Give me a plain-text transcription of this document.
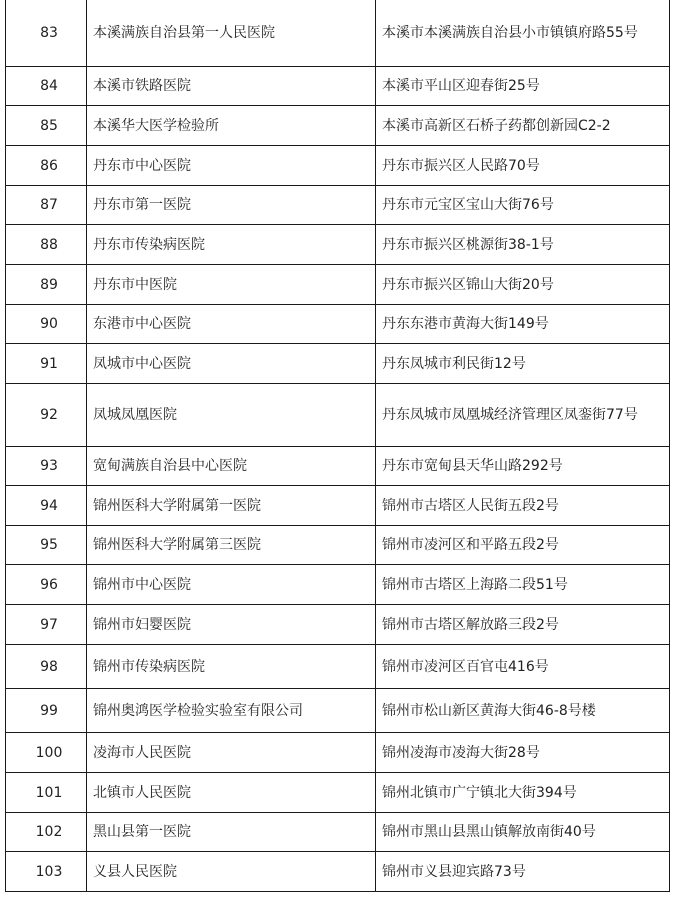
83	本溪满族自治县第一人民医院	本溪市本溪满族自治县小市镇镇府路55号
84	本溪市铁路医院	本溪市平山区迎春街25号
85	本溪华大医学检验所	本溪市高新区石桥子药都创新园C2-2
86	丹东市中心医院	丹东市振兴区人民路70号
87	丹东市第一医院	丹东市元宝区宝山大街76号
88	丹东市传染病医院	丹东市振兴区桃源街38-1号
89	丹东市中医院	丹东市振兴区锦山大街20号
90	东港市中心医院	丹东东港市黄海大街149号
91	凤城市中心医院	丹东凤城市利民街12号
92	凤城凤凰医院	丹东凤城市凤凰城经济管理区凤銮街77号
93	宽甸满族自治县中心医院	丹东市宽甸县天华山路292号
94	锦州医科大学附属第一医院	锦州市古塔区人民街五段2号
95	锦州医科大学附属第三医院	锦州市凌河区和平路五段2号
96	锦州市中心医院	锦州市古塔区上海路二段51号
97	锦州市妇婴医院	锦州市古塔区解放路三段2号
98	锦州市传染病医院	锦州市凌河区百官屯416号
99	锦州奥鸿医学检验实验室有限公司	锦州市松山新区黄海大街46-8号楼
100	凌海市人民医院	锦州凌海市凌海大街28号
101	北镇市人民医院	锦州北镇市广宁镇北大街394号
102	黑山县第一医院	锦州市黑山县黑山镇解放南街40号
103	义县人民医院	锦州市义县迎宾路73号
